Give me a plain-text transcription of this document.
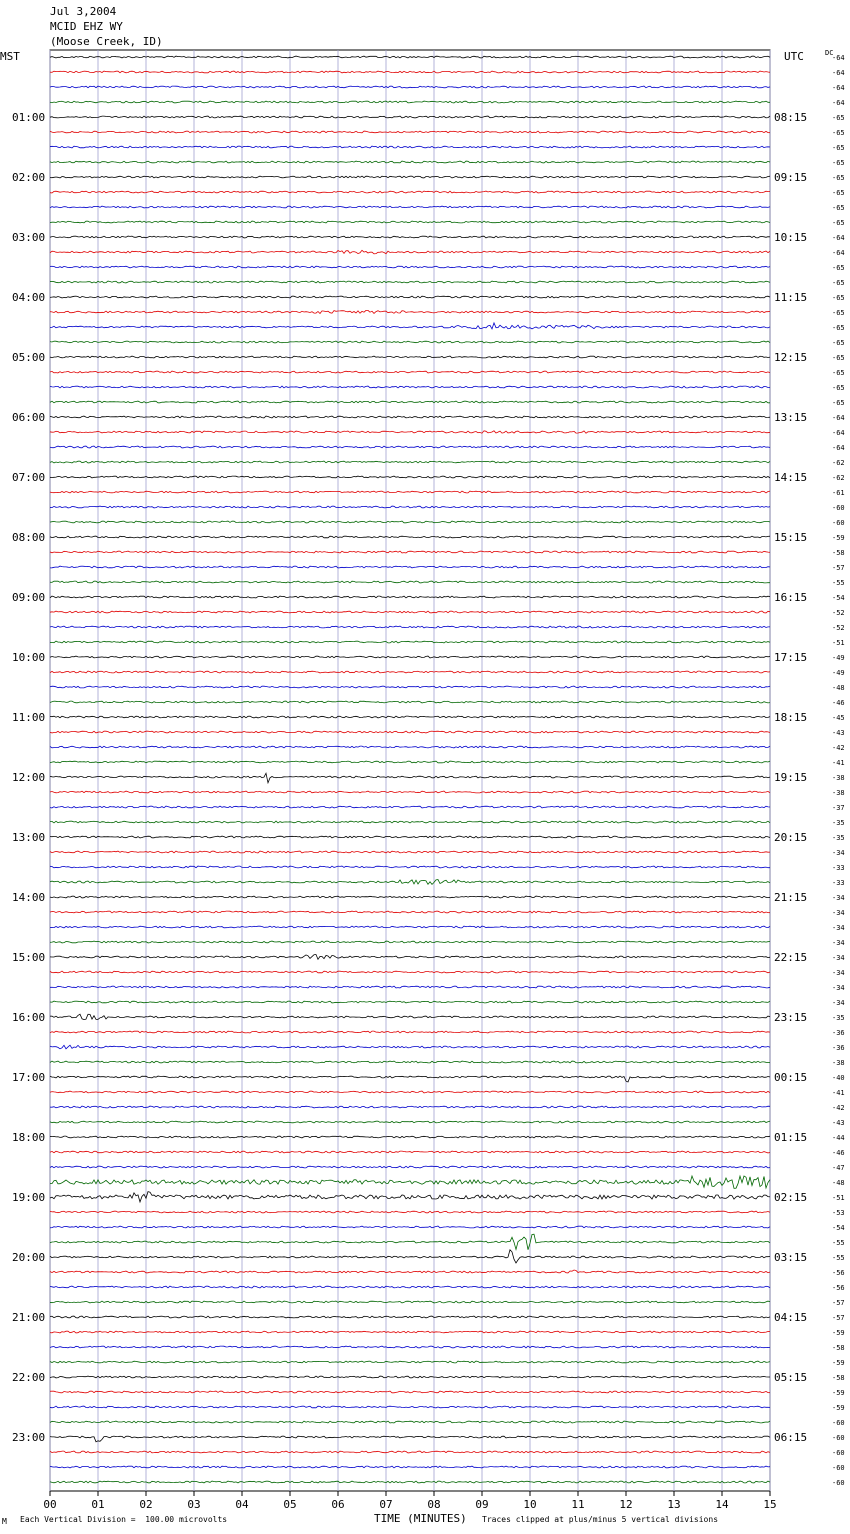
Jul 3,2004
MCID EHZ WY
(Moose Creek, ID)
MST	UTC	DC
00	01	02	03	04	05	06	07	08	09	10	11	12	13	14	15
-64
-64
-64
-64
-65
01:00	08:15
-65
-65
-65
-65
02:00	09:15
-65
-65
-65
-64
03:00	10:15
-64
-65
-65
-65
04:00	11:15
-65
-65
-65
-65
05:00	12:15
-65
-65
-65
-64
06:00	13:15
-64
-64
-62
-62
07:00	14:15
-61
-60
-60
-59
08:00	15:15
-58
-57
-55
-54
09:00	16:15
-52
-52
-51
-49
10:00	17:15
-49
-48
-46
-45
11:00	18:15
-43
-42
-41
-38
12:00	19:15
-38
-37
-35
-35
13:00	20:15
-34
-33
-33
-34
14:00	21:15
-34
-34
-34
-34
15:00	22:15
-34
-34
-34
-35
16:00	23:15
-36
-36
-38
-40
17:00	00:15
-41
-42
-43
-44
18:00	01:15
-46
-47
-48
-51
19:00	02:15
-53
-54
-55
-55
20:00	03:15
-56
-56
-57
-57
21:00	04:15
-59
-58
-59
-58
22:00	05:15
-59
-59
-60
-60
23:00	06:15
-60
-60
-60
TIME (MINUTES)
M Each Vertical Division =  100.00 microvolts	Traces clipped at plus/minus 5 vertical divisions
